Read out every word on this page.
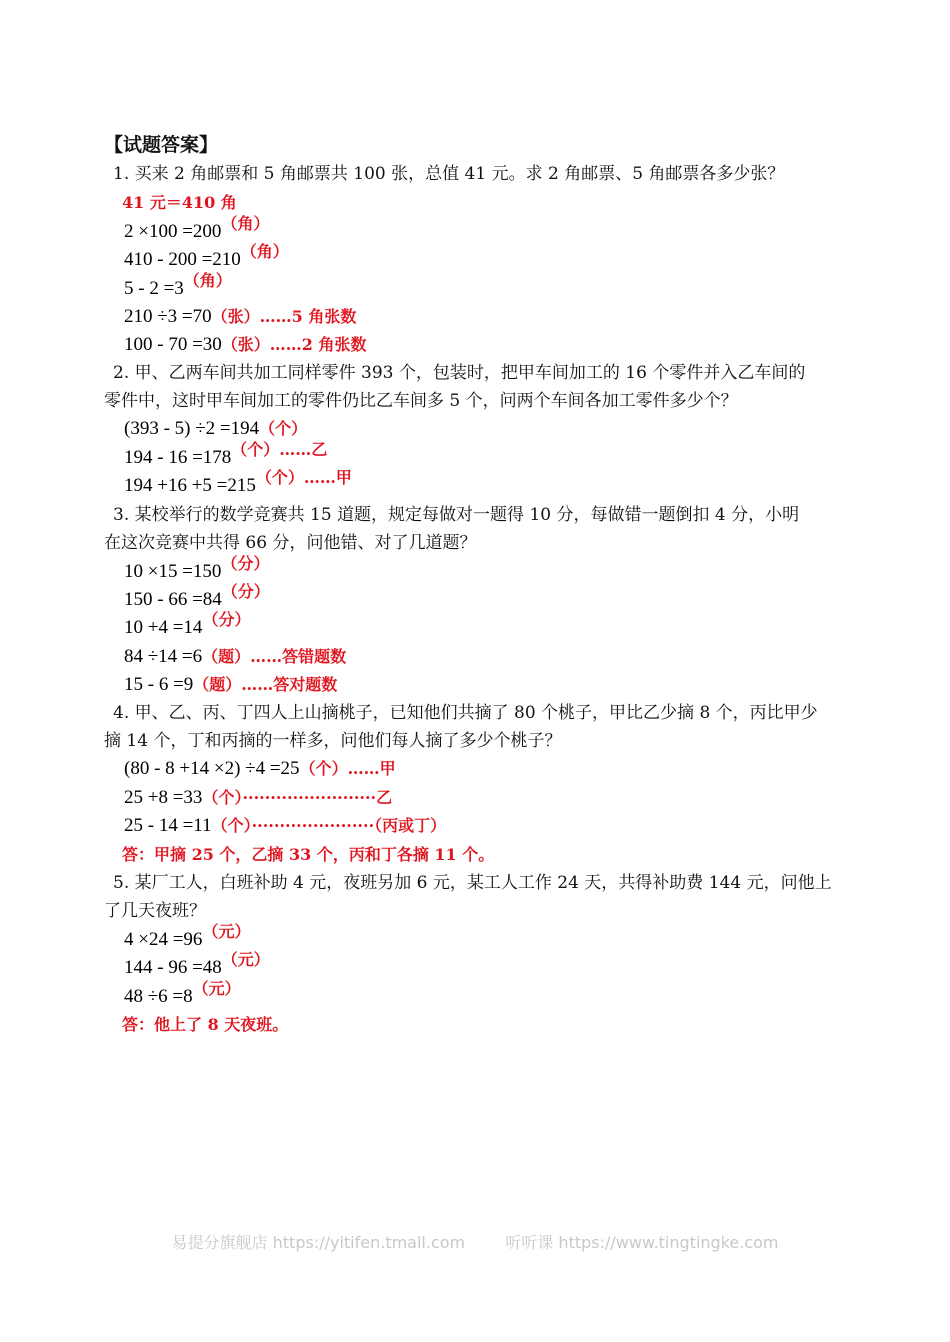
【试题答案】
1. 买来 2 角邮票和 5 角邮票共 100 张，总值 41 元。求 2 角邮票、5 角邮票各多少张？
41 元＝410 角
2 ×100 =200（角）
410 - 200 =210（角）
5 - 2 =3（角）
210 ÷3 =70（张）……5 角张数
100 - 70 =30（张）……2 角张数
2. 甲、乙两车间共加工同样零件 393 个，包装时，把甲车间加工的 16 个零件并入乙车间的
零件中，这时甲车间加工的零件仍比乙车间多 5 个，问两个车间各加工零件多少个？
(393 - 5) ÷2 =194（个）
194 - 16 =178（个）……乙
194 +16 +5 =215（个）……甲
3. 某校举行的数学竞赛共 15 道题，规定每做对一题得 10 分，每做错一题倒扣 4 分，小明
在这次竞赛中共得 66 分，问他错、对了几道题？
10 ×15 =150（分）
150 - 66 =84（分）
10 +4 =14（分）
84 ÷14 =6（题）……答错题数
15 - 6 =9（题）……答对题数
4. 甲、乙、丙、丁四人上山摘桃子，已知他们共摘了 80 个桃子，甲比乙少摘 8 个，丙比甲少
摘 14 个，丁和丙摘的一样多，问他们每人摘了多少个桃子？
(80 - 8 +14 ×2) ÷4 =25（个）……甲
25 +8 =33（个）························乙
25 - 14 =11（个）······················（丙或丁）
答：甲摘 25 个，乙摘 33 个，丙和丁各摘 11 个。
5. 某厂工人，白班补助 4 元，夜班另加 6 元，某工人工作 24 天，共得补助费 144 元，问他上
了几天夜班？
4 ×24 =96（元）
144 - 96 =48（元）
48 ÷6 =8（元）
答：他上了 8 天夜班。
易提分旗舰店 https://yitifen.tmall.com	听听课 https://www.tingtingke.com
